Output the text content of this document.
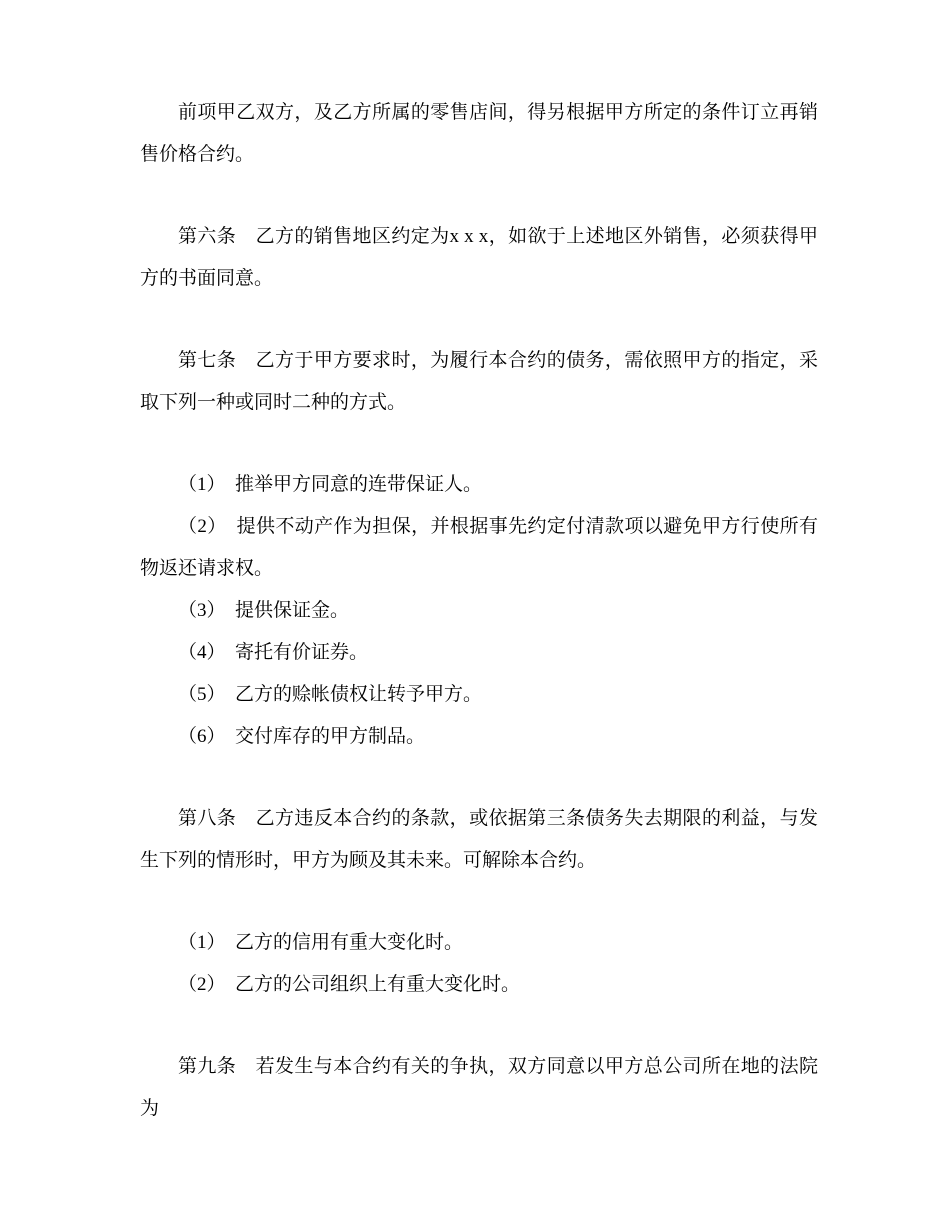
前项甲乙双方，及乙方所属的零售店间，得另根据甲方所定的条件订立再销售价格合约。

第六条　乙方的销售地区约定为x x x，如欲于上述地区外销售，必须获得甲方的书面同意。

第七条　乙方于甲方要求时，为履行本合约的债务，需依照甲方的指定，采取下列一种或同时二种的方式。

（1）　推举甲方同意的连带保证人。

（2）　提供不动产作为担保，并根据事先约定付清款项以避免甲方行使所有物返还请求权。

（3）　提供保证金。

（4）　寄托有价证券。

（5）　乙方的赊帐债权让转予甲方。

（6）　交付库存的甲方制品。

第八条　乙方违反本合约的条款，或依据第三条债务失去期限的利益，与发生下列的情形时，甲方为顾及其未来。可解除本合约。

（1）　乙方的信用有重大变化时。

（2）　乙方的公司组织上有重大变化时。

第九条　若发生与本合约有关的争执，双方同意以甲方总公司所在地的法院为
